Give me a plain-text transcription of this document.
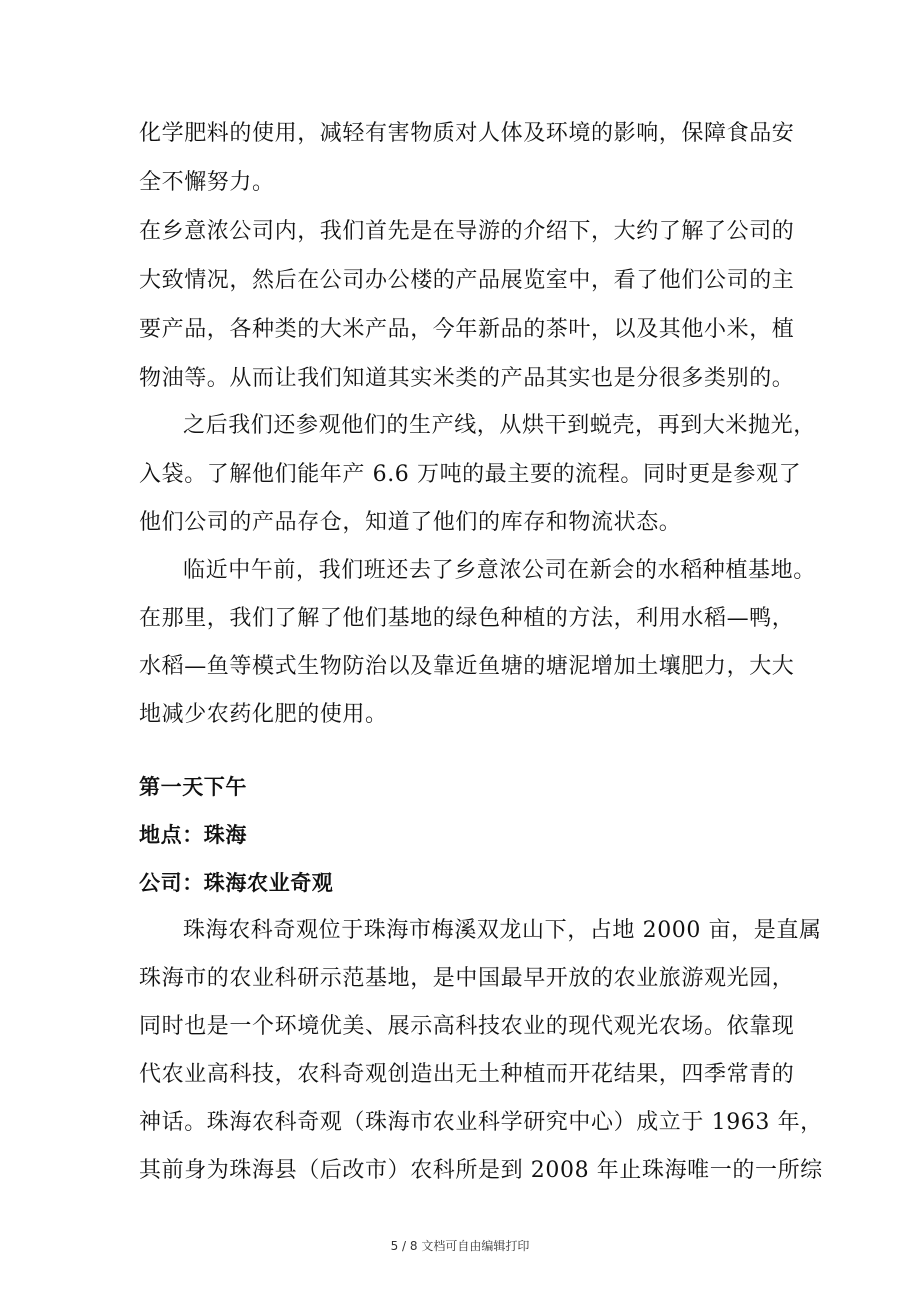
化学肥料的使用，减轻有害物质对人体及环境的影响，保障食品安
全不懈努力。
在乡意浓公司内，我们首先是在导游的介绍下，大约了解了公司的
大致情况，然后在公司办公楼的产品展览室中，看了他们公司的主
要产品，各种类的大米产品，今年新品的茶叶，以及其他小米，植
物油等。从而让我们知道其实米类的产品其实也是分很多类别的。
之后我们还参观他们的生产线，从烘干到蜕壳，再到大米抛光，
入袋。了解他们能年产 6.6 万吨的最主要的流程。同时更是参观了
他们公司的产品存仓，知道了他们的库存和物流状态。
临近中午前，我们班还去了乡意浓公司在新会的水稻种植基地。
在那里，我们了解了他们基地的绿色种植的方法，利用水稻—鸭，
水稻—鱼等模式生物防治以及靠近鱼塘的塘泥增加土壤肥力，大大
地减少农药化肥的使用。
第一天下午
地点：珠海
公司：珠海农业奇观
珠海农科奇观位于珠海市梅溪双龙山下，占地 2000 亩，是直属
珠海市的农业科研示范基地，是中国最早开放的农业旅游观光园，
同时也是一个环境优美、展示高科技农业的现代观光农场。依靠现
代农业高科技，农科奇观创造出无土种植而开花结果，四季常青的
神话。珠海农科奇观（珠海市农业科学研究中心）成立于 1963 年，
其前身为珠海县（后改市）农科所是到 2008 年止珠海唯一的一所综
5 / 8 文档可自由编辑打印
